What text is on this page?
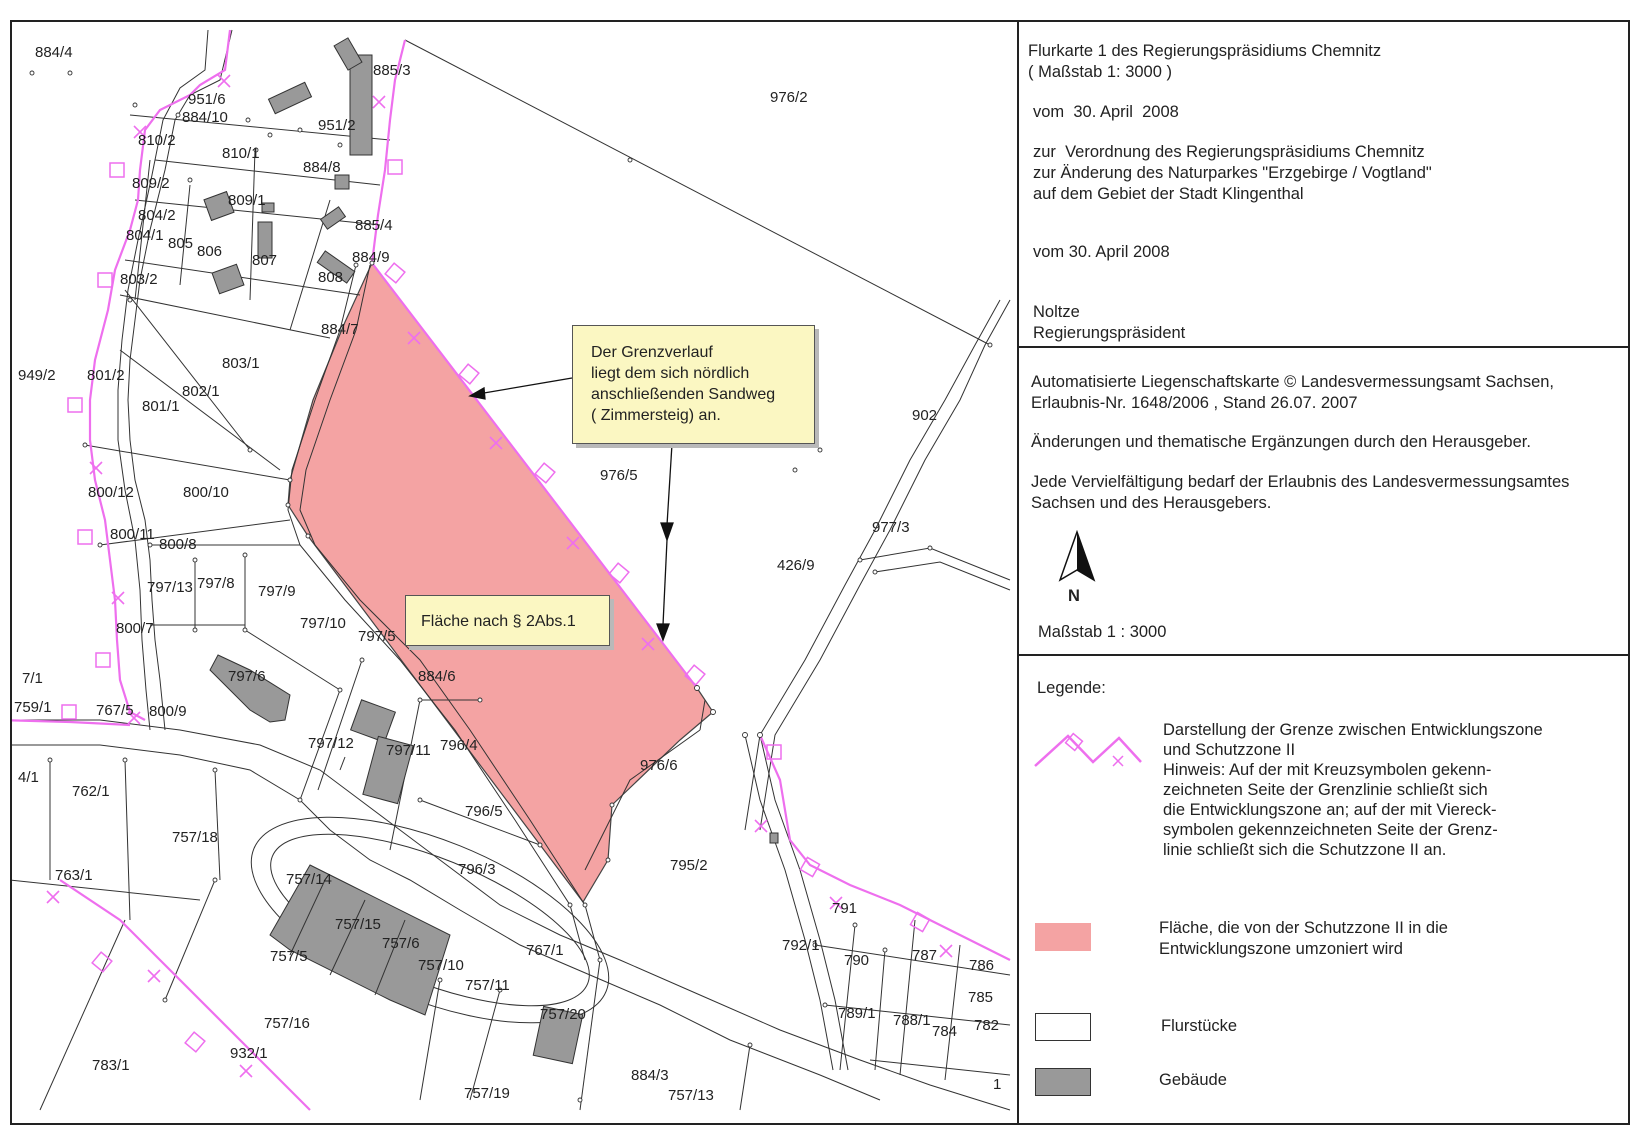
884/4
885/3
951/6
884/10	951/2
976/2
810/2
810/1
884/8
809/2
809/1
804/2
885/4
804/1 805 806
807	884/9
803/2	808
884/7
803/1
949/2 801/2
802/1
801/1
976/5
902
800/12	800/10
800/11
800/8
977/3
797/13 797/8 797/9
426/9
800/7	797/10
797/5
797/6	884/6
767/5 800/9
797/12 797/11 796/4
976/6
4/1
762/1
796/5
757/18
796/3	795/2
763/1	757/14
791
757/15
757/6	792/1
767/1	787
790	786
757/5
757/10
757/11
785
757/20	789/1 788/1
784 782
757/16
783/1
932/1
884/3
757/19	757/13
759/1
7/1
1
Der Grenzverlauf
liegt dem sich nördlich
anschließenden Sandweg
( Zimmersteig) an.
Fläche nach § 2Abs.1
Flurkarte 1 des Regierungspräsidiums Chemnitz
( Maßstab 1: 3000 )
vom  30. April  2008
zur  Verordnung des Regierungspräsidiums Chemnitz
zur Änderung des Naturparkes "Erzgebirge / Vogtland"
auf dem Gebiet der Stadt Klingenthal
vom 30. April 2008
Noltze
Regierungspräsident
Automatisierte Liegenschaftskarte © Landesvermessungsamt Sachsen,
Erlaubnis-Nr. 1648/2006 , Stand 26.07. 2007
Änderungen und thematische Ergänzungen durch den Herausgeber.
Jede Vervielfältigung bedarf der Erlaubnis des Landesvermessungsamtes
Sachsen und des Herausgebers.
N
Maßstab 1 : 3000
Legende:
Darstellung der Grenze zwischen Entwicklungszone
und Schutzzone II
Hinweis: Auf der mit Kreuzsymbolen gekenn-
zeichneten Seite der Grenzlinie schließt sich
die Entwicklungszone an; auf der mit Viereck-
symbolen gekennzeichneten Seite der Grenz-
linie schließt sich die Schutzzone II an.
Fläche, die von der Schutzzone II in die
Entwicklungszone umzoniert wird
Flurstücke
Gebäude
